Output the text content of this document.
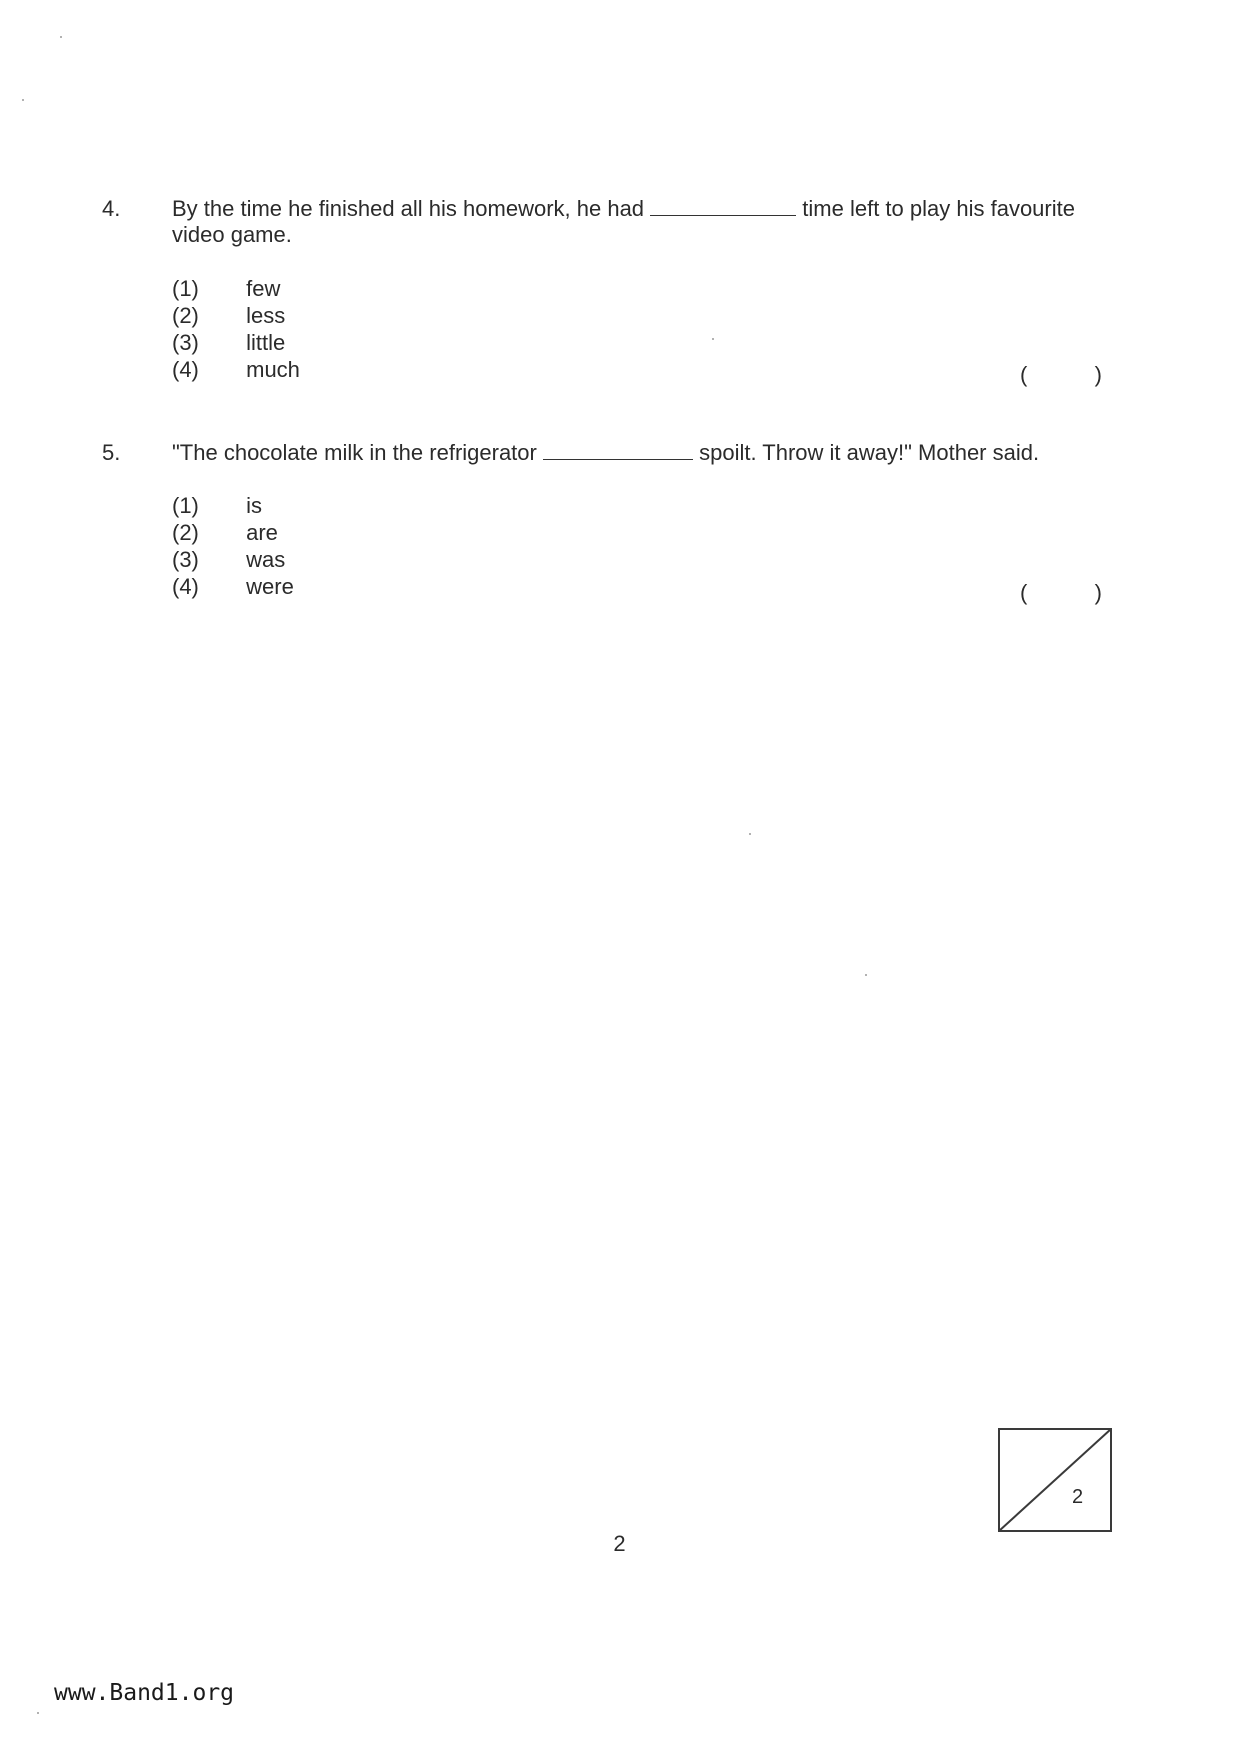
4. By the time he finished all his homework, he had	time left to play his favourite video game.
(1) few
(2) less
(3) little
(4) much	(	)
5. "The chocolate milk in the refrigerator	spoilt. Throw it away!" Mother said.
(1) is
(2) are
(3) was
(4) were	(	)
2
2
www.Band1.org
